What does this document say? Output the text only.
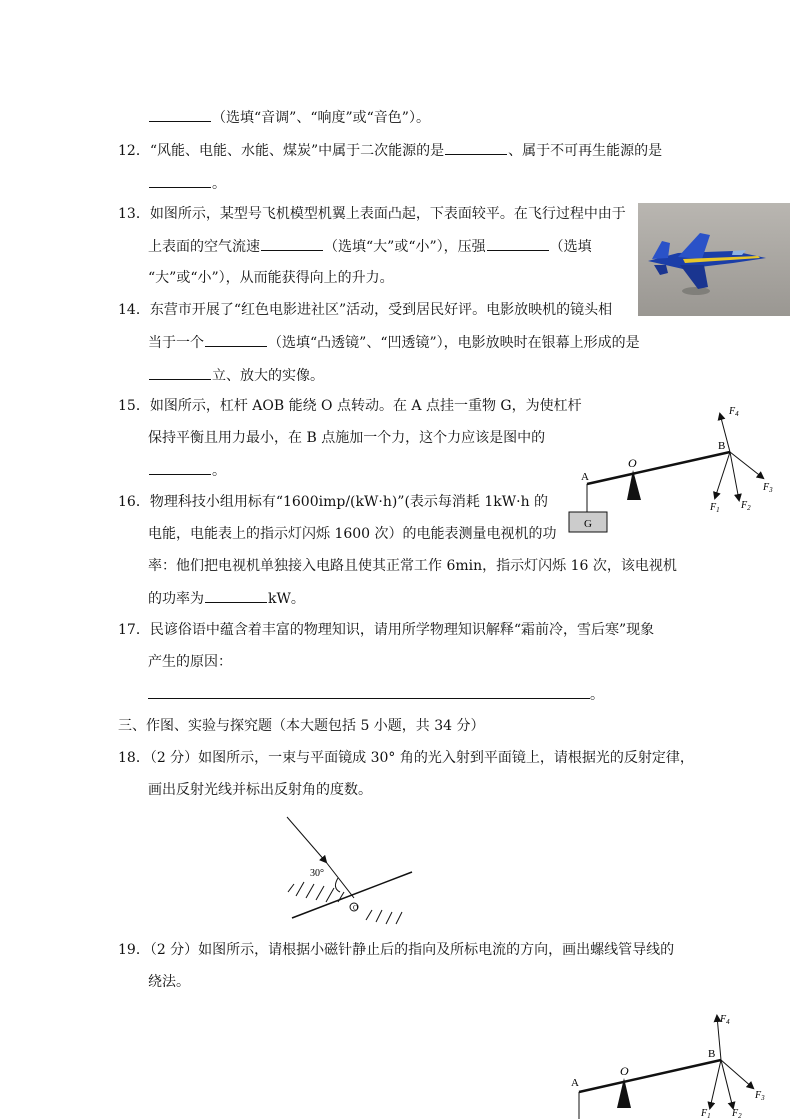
（选填“音调”、“响度”或“音色”）。
12．“风能、电能、水能、煤炭”中属于二次能源的是	、属于不可再生能源的是
。
13．如图所示，某型号飞机模型机翼上表面凸起，下表面较平。在飞行过程中由于
上表面的空气流速	（选填“大”或“小”），压强	（选填
“大”或“小”），从而能获得向上的升力。
14．东营市开展了“红色电影进社区”活动，受到居民好评。电影放映机的镜头相
当于一个	（选填“凸透镜”、“凹透镜”），电影放映时在银幕上形成的是
立、放大的实像。
15．如图所示，杠杆 AOB 能绕 O 点转动。在 A 点挂一重物 G，为使杠杆
保持平衡且用力最小，在 B 点施加一个力，这个力应该是图中的
。
G
O
A
B
$F_4$
$F_1$ $F_2$
$F_3$
16．物理科技小组用标有“1600imp/(kW·h)”(表示每消耗 1kW·h 的
电能，电能表上的指示灯闪烁 1600 次）的电能表测量电视机的功
率：他们把电视机单独接入电路且使其正常工作 6min，指示灯闪烁 16 次，该电视机
的功率为	kW。
17．民谚俗语中蕴含着丰富的物理知识，请用所学物理知识解释“霜前冷，雪后寒”现象
产生的原因：
。
三、作图、实验与探究题（本大题包括 5 小题，共 34 分）
18．（2 分）如图所示，一束与平面镜成 30° 角的光入射到平面镜上，请根据光的反射定律，
画出反射光线并标出反射角的度数。
30°
O
19．（2 分）如图所示，请根据小磁针静止后的指向及所标电流的方向，画出螺线管导线的
绕法。
O
A
B
$F_4$
$F_1$ $F_2$
$F_3$
